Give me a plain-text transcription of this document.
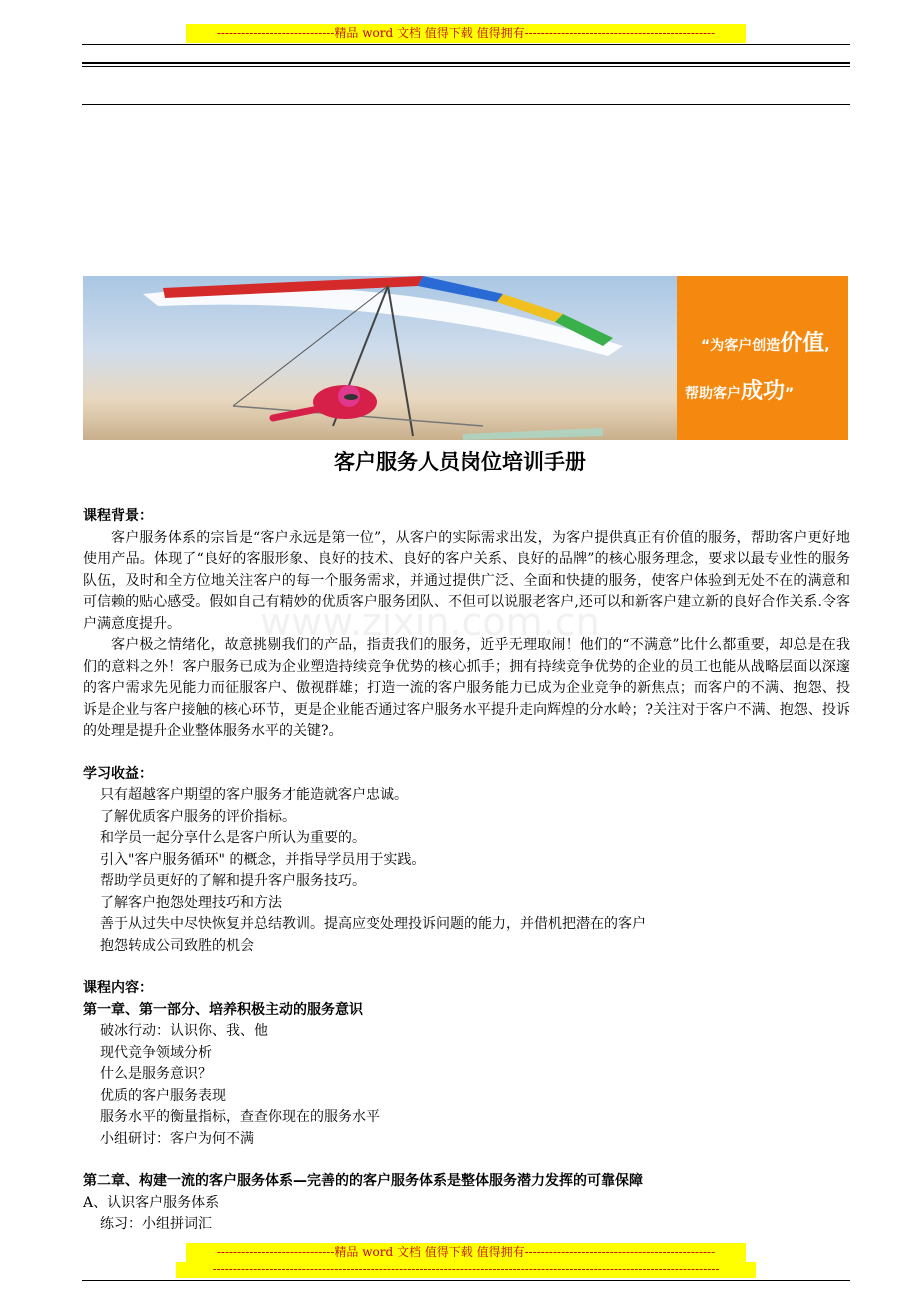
-----------------------------精品 word 文档 值得下载 值得拥有-----------------------------------------------
“为客户创造价值,
帮助客户成功”
客户服务人员岗位培训手册
www.zixin.com.cn
课程背景：

客户服务体系的宗旨是“客户永远是第一位”，从客户的实际需求出发，为客户提供真正有价值的服务，帮助客户更好地使用产品。体现了“良好的客服形象、良好的技术、良好的客户关系、良好的品牌”的核心服务理念，要求以最专业性的服务队伍，及时和全方位地关注客户的每一个服务需求，并通过提供广泛、全面和快捷的服务，使客户体验到无处不在的满意和可信赖的贴心感受。假如自己有精妙的优质客户服务团队、不但可以说服老客户,还可以和新客户建立新的良好合作关系.令客户满意度提升。

客户极之情绪化，故意挑剔我们的产品，指责我们的服务，近乎无理取闹！他们的“不满意”比什么都重要，却总是在我们的意料之外！客户服务已成为企业塑造持续竞争优势的核心抓手；拥有持续竞争优势的企业的员工也能从战略层面以深邃的客户需求先见能力而征服客户、傲视群雄；打造一流的客户服务能力已成为企业竞争的新焦点；而客户的不满、抱怨、投诉是企业与客户接触的核心环节，更是企业能否通过客户服务水平提升走向辉煌的分水岭；?关注对于客户不满、抱怨、投诉的处理是提升企业整体服务水平的关键?。

学习收益：
只有超越客户期望的客户服务才能造就客户忠诚。
了解优质客户服务的评价指标。
和学员一起分享什么是客户所认为重要的。
引入"客户服务循环" 的概念，并指导学员用于实践。
帮助学员更好的了解和提升客户服务技巧。
了解客户抱怨处理技巧和方法
善于从过失中尽快恢复并总结教训。提高应变处理投诉问题的能力，并借机把潜在的客户
抱怨转成公司致胜的机会
课程内容：
第一章、第一部分、培养积极主动的服务意识
破冰行动：认识你、我、他
现代竞争领域分析
什么是服务意识？
优质的客户服务表现
服务水平的衡量指标，查查你现在的服务水平
小组研讨：客户为何不满
第二章、构建一流的客户服务体系—完善的的客户服务体系是整体服务潜力发挥的可靠保障
A、认识客户服务体系
练习：小组拼词汇
-----------------------------精品 word 文档 值得下载 值得拥有-----------------------------------------------
-----------------------------------------------------------------------------------------------------------------------------
